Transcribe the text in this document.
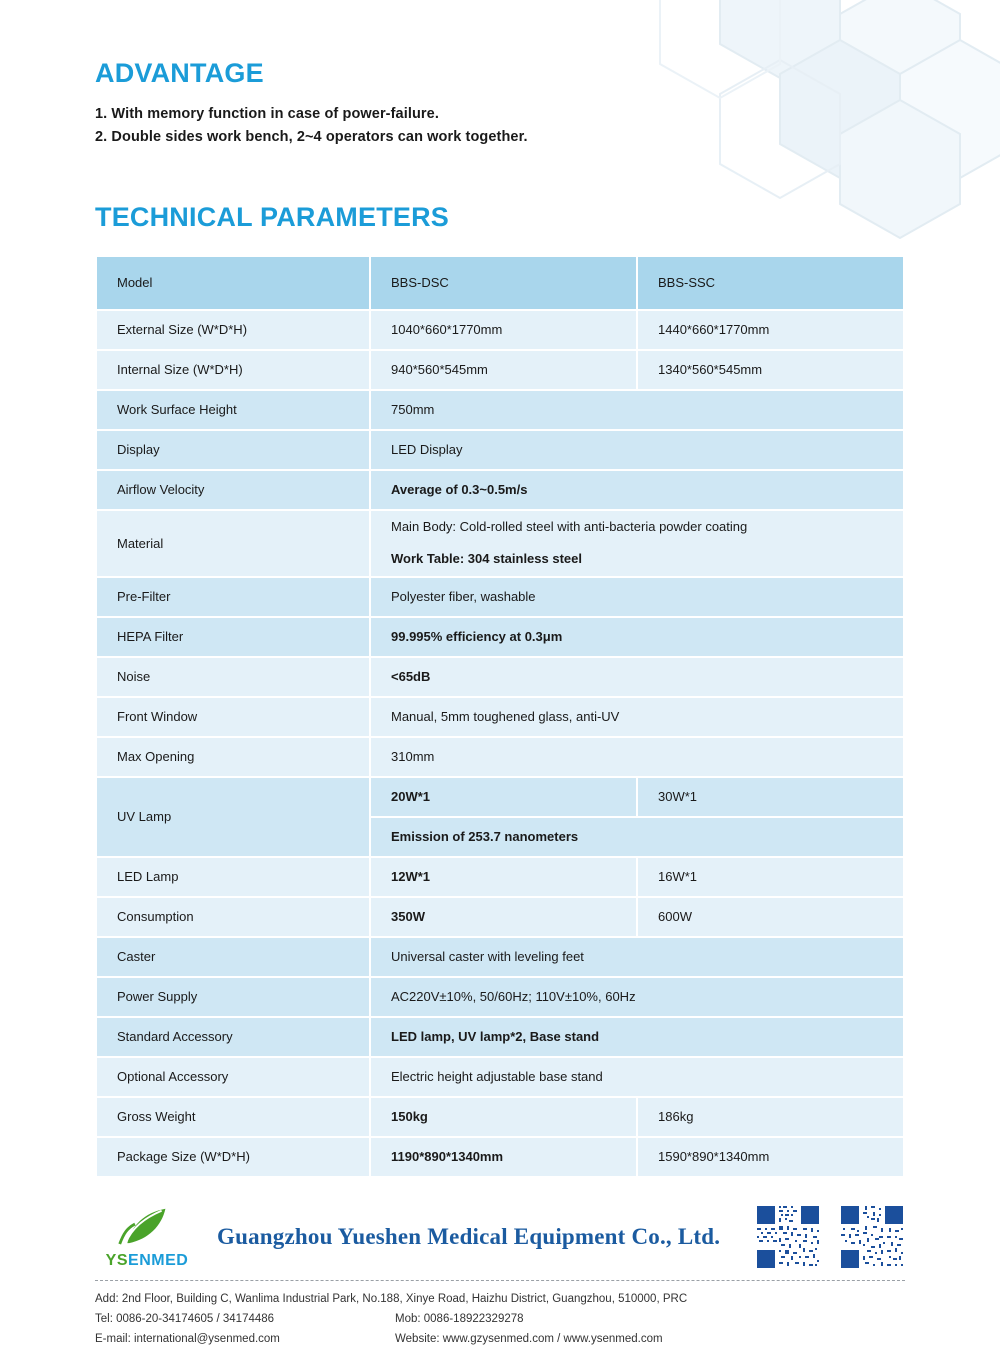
ADVANTAGE
1. With memory function in case of power-failure.
2. Double sides work bench, 2~4 operators can work together.
TECHNICAL PARAMETERS
Model	BBS-DSC	BBS-SSC
External Size (W*D*H)	1040*660*1770mm	1440*660*1770mm
Internal Size (W*D*H)	940*560*545mm	1340*560*545mm
Work Surface Height	750mm	
Display	LED Display	
Airflow Velocity	Average of 0.3~0.5m/s	
Material	Main Body: Cold-rolled steel with anti-bacteria powder coating
Work Table: 304 stainless steel	

Pre-Filter	Polyester fiber, washable	
HEPA Filter	99.995% efficiency at 0.3μm	
Noise	<65dB	
Front Window	Manual, 5mm toughened glass, anti-UV	
Max Opening	310mm	
UV Lamp	20W*1	30W*1
	Emission of 253.7 nanometers	
LED Lamp	12W*1	16W*1
Consumption	350W	600W
Caster	Universal caster with leveling feet	
Power Supply	AC220V±10%, 50/60Hz; 110V±10%, 60Hz	
Standard Accessory	LED lamp, UV lamp*2, Base stand	
Optional Accessory	Electric height adjustable base stand	
Gross Weight	150kg	186kg
Package Size (W*D*H)	1190*890*1340mm	1590*890*1340mm
YSENMED
Guangzhou Yueshen Medical Equipment Co., Ltd.
Add: 2nd Floor, Building C, Wanlima Industrial Park, No.188, Xinye Road, Haizhu District, Guangzhou, 510000, PRC
Tel: 0086-20-34174605 / 34174486	Mob: 0086-18922329278
E-mail: international@ysenmed.com	Website: www.gzysenmed.com / www.ysenmed.com
